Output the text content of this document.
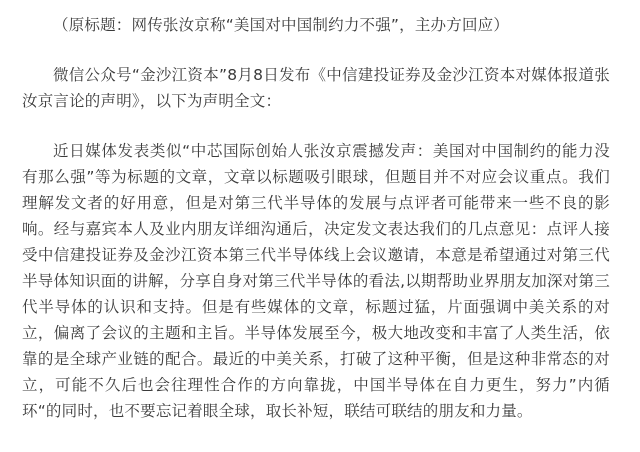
（原标题：网传张汝京称“美国对中国制约力不强”，主办方回应）

微信公众号“金沙江资本”8月8日发布《中信建投证券及金沙江资本对媒体报道张汝京言论的声明》，以下为声明全文：

近日媒体发表类似“中芯国际创始人张汝京震撼发声：美国对中国制约的能力没有那么强”等为标题的文章，文章以标题吸引眼球，但题目并不对应会议重点。我们理解发文者的好用意，但是对第三代半导体的发展与点评者可能带来一些不良的影响。经与嘉宾本人及业内朋友详细沟通后，决定发文表达我们的几点意见：点评人接受中信建投证券及金沙江资本第三代半导体线上会议邀请，本意是希望通过对第三代半导体知识面的讲解，分享自身对第三代半导体的看法,以期帮助业界朋友加深对第三代半导体的认识和支持。但是有些媒体的文章，标题过猛，片面强调中美关系的对立，偏离了会议的主题和主旨。半导体发展至今，极大地改变和丰富了人类生活，依靠的是全球产业链的配合。最近的中美关系，打破了这种平衡，但是这种非常态的对立，可能不久后也会往理性合作的方向靠拢，中国半导体在自力更生，努力”内循环“的同时，也不要忘记着眼全球，取长补短，联结可联结的朋友和力量。
